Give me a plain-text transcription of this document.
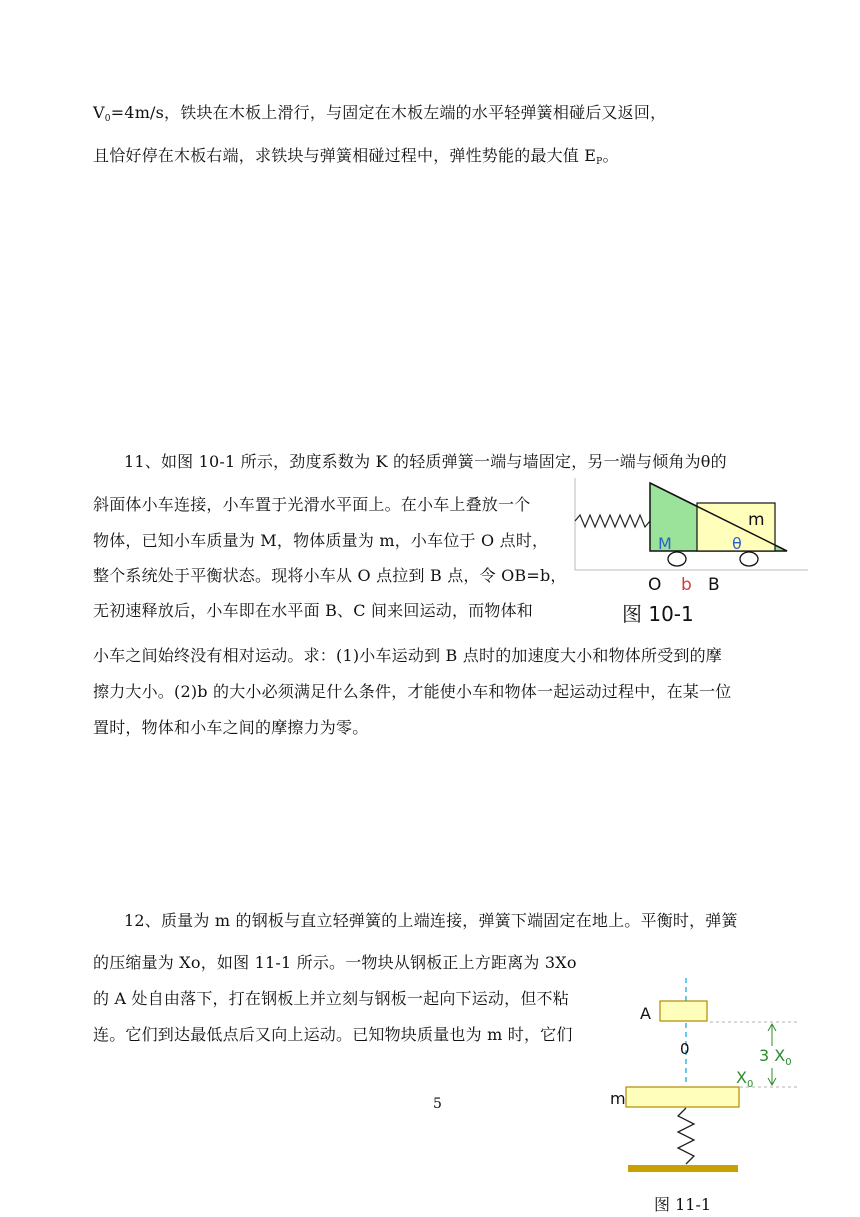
$V_0=4m/s$，铁块在木板上滑行，与固定在木板左端的水平轻弹簧相碰后又返回，
且恰好停在木板右端，求铁块与弹簧相碰过程中，弹性势能的最大值 $E_P$。
11、如图 10-1 所示，劲度系数为 K 的轻质弹簧一端与墙固定，另一端与倾角为θ的
斜面体小车连接，小车置于光滑水平面上。在小车上叠放一个
物体，已知小车质量为 M，物体质量为 m，小车位于 O 点时，
整个系统处于平衡状态。现将小车从 O 点拉到 B 点，令 OB=b，
无初速释放后，小车即在水平面 B、C 间来回运动，而物体和
小车之间始终没有相对运动。求：(1)小车运动到 B 点时的加速度大小和物体所受到的摩
擦力大小。(2)b 的大小必须满足什么条件，才能使小车和物体一起运动过程中，在某一位
置时，物体和小车之间的摩擦力为零。
m
M	θ
O b B
图 10-1
12、质量为 m 的钢板与直立轻弹簧的上端连接，弹簧下端固定在地上。平衡时，弹簧
的压缩量为 Xo，如图 11-1 所示。一物块从钢板正上方距离为 3Xo
的 A 处自由落下，打在钢板上并立刻与钢板一起向下运动，但不粘
连。它们到达最低点后又向上运动。已知物块质量也为 m 时，它们
5
A
0
m
3 $X_0$
$X_0$
图 11-1
